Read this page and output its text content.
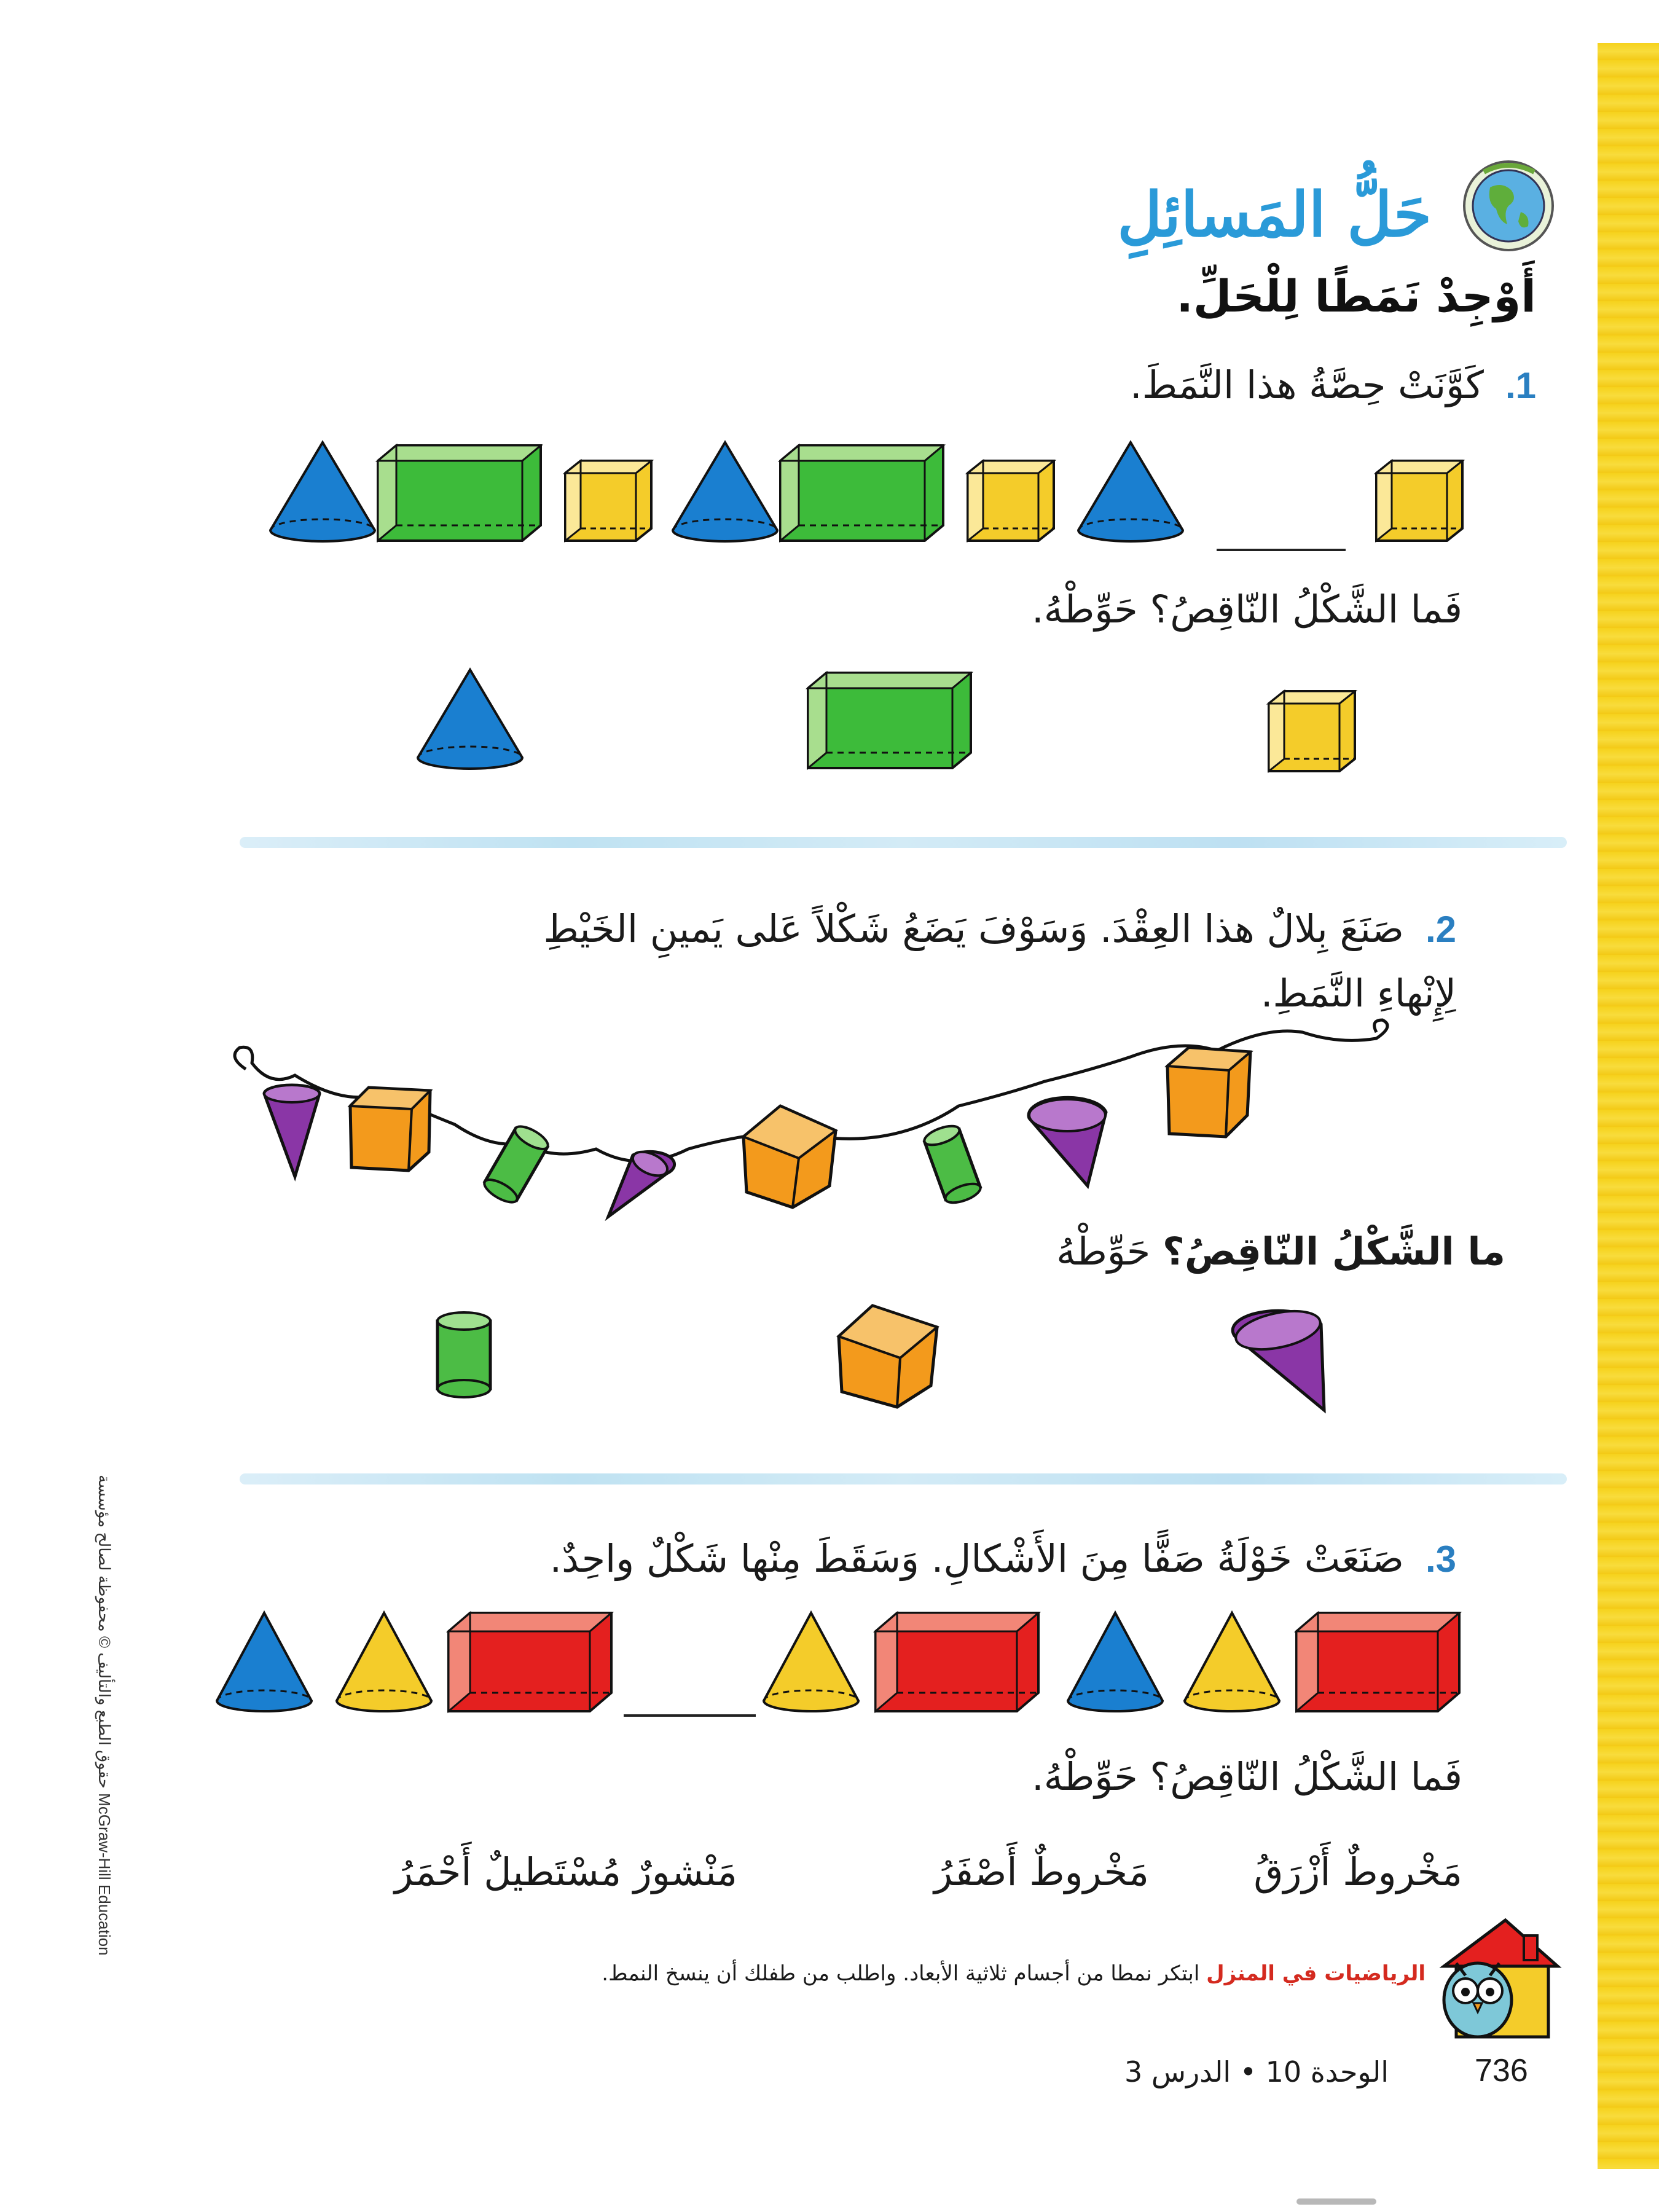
حَلُّ المَسائِلِ
أَوْجِدْ نَمَطًا لِلْحَلِّ.
1. كَوَّنَتْ حِصَّةُ هذا النَّمَطَ.
فَما الشَّكْلُ النّاقِصُ؟ حَوِّطْهُ.
2. صَنَعَ بِلالٌ هذا العِقْدَ. وَسَوْفَ يَضَعُ شَكْلاً عَلى يَمينِ الخَيْطِ
لِإِنْهاءِ النَّمَطِ.
ما الشَّكْلُ النّاقِصُ؟ حَوِّطْهُ
3. صَنَعَتْ خَوْلَةُ صَفًّا مِنَ الأَشْكالِ. وَسَقَطَ مِنْها شَكْلٌ واحِدٌ.
فَما الشَّكْلُ النّاقِصُ؟ حَوِّطْهُ.
مَخْروطٌ أَزْرَقُ
مَخْروطٌ أَصْفَرُ
مَنْشورٌ مُسْتَطيلٌ أَحْمَرُ
الرياضيات في المنزل ابتكر نمطا من أجسام ثلاثية الأبعاد. واطلب من طفلك أن ينسخ النمط.
736
الوحدة 10 • الدرس 3
حقوق الطبع والتأليف © محفوظة لصالح مؤسسة McGraw-Hill Education
